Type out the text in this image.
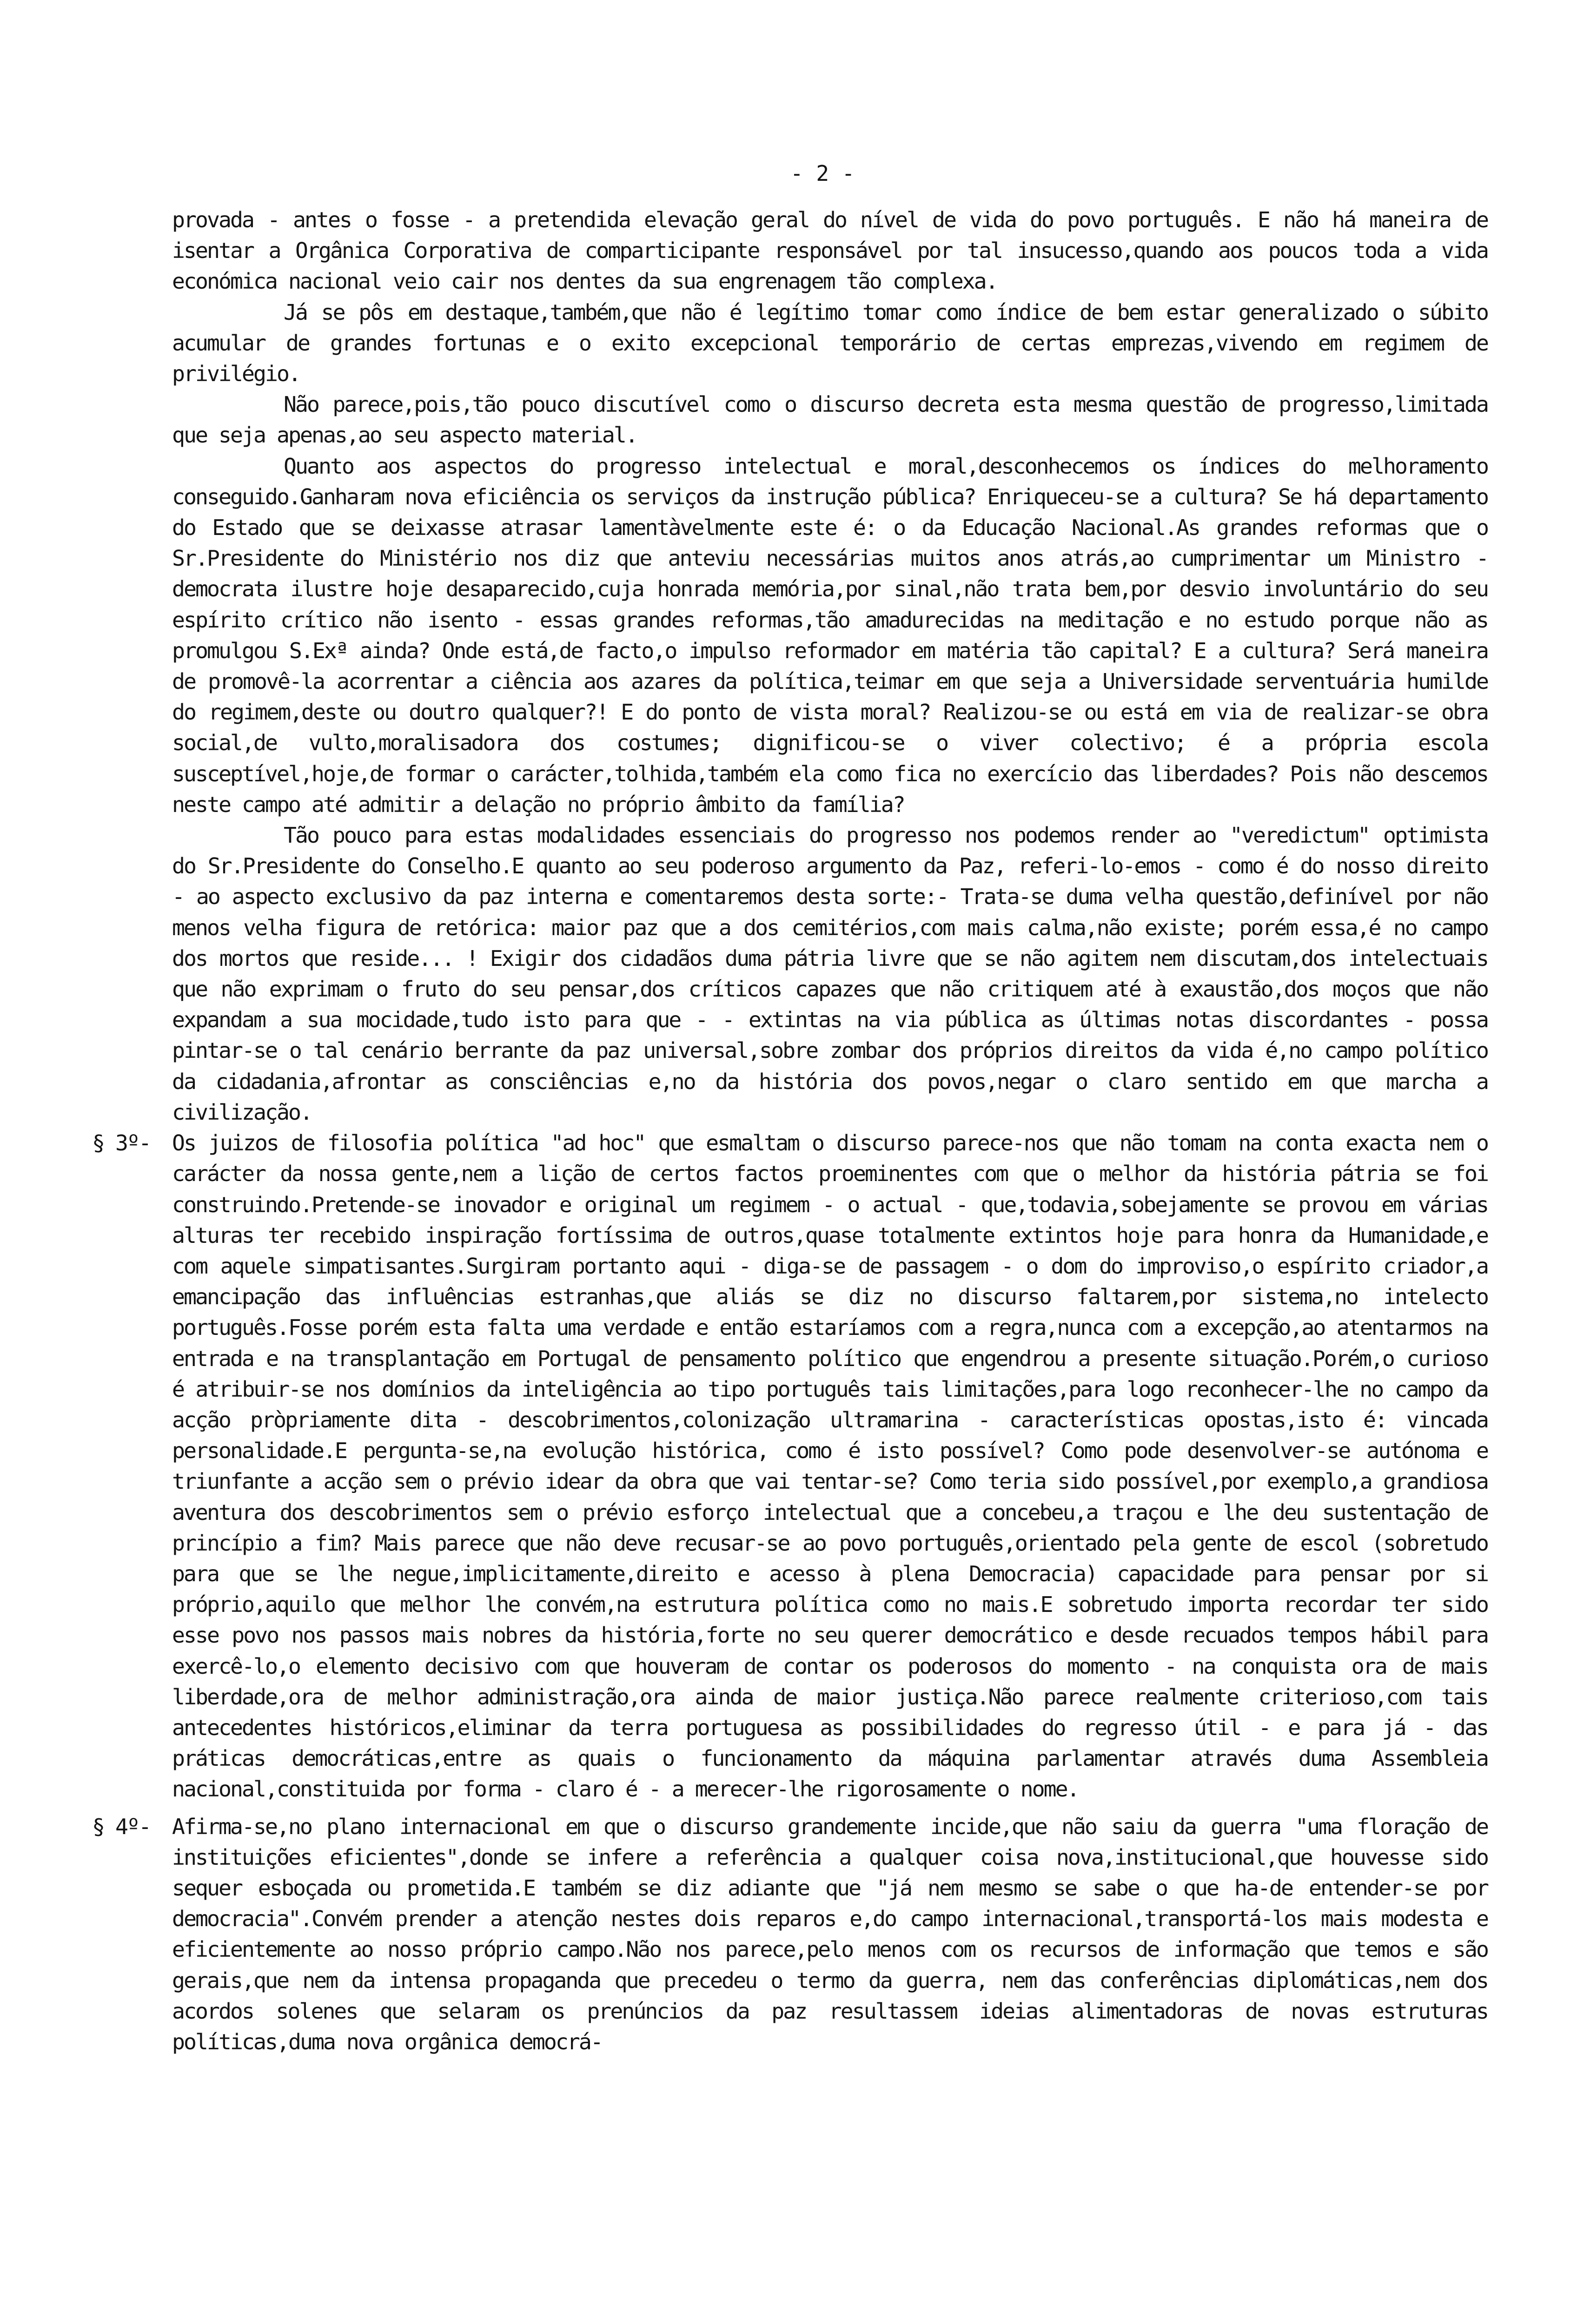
- 2 -

provada - antes o fosse - a pretendida elevação geral do nível de vida do povo português. E não há maneira de isentar a Orgânica Corporativa de comparticipante responsável por tal insucesso,quando aos poucos toda a vida económica nacional veio cair nos dentes da sua engrenagem tão complexa.

Já se pôs em destaque,também,que não é legítimo tomar como índice de bem estar generalizado o súbito acumular de grandes fortunas e o exito excepcional temporário de certas emprezas,vivendo em regimem de privilégio.

Não parece,pois,tão pouco discutível como o discurso decreta esta mesma questão de progresso,limitada que seja apenas,ao seu aspecto material.

Quanto aos aspectos do progresso intelectual e moral,desconhecemos os índices do melhoramento conseguido.Ganharam nova eficiência os serviços da instrução pública? Enriqueceu-se a cultura? Se há departamento do Estado que se deixasse atrasar lamentàvelmente este é: o da Educação Nacional.As grandes reformas que o Sr.Presidente do Ministério nos diz que anteviu necessárias muitos anos atrás,ao cumprimentar um Ministro - democrata ilustre hoje desaparecido,cuja honrada memória,por sinal,não trata bem,por desvio involuntário do seu espírito crítico não isento - essas grandes reformas,tão amadurecidas na meditação e no estudo porque não as promulgou S.Exª ainda? Onde está,de facto,o impulso reformador em matéria tão capital? E a cultura? Será maneira de promovê-la acorrentar a ciência aos azares da política,teimar em que seja a Universidade serventuária humilde do regimem,deste ou doutro qualquer?! E do ponto de vista moral? Realizou-se ou está em via de realizar-se obra social,de vulto,moralisadora dos costumes; dignificou-se o viver colectivo; é a própria escola susceptível,hoje,de formar o carácter,tolhida,também ela como fica no exercício das liberdades? Pois não descemos neste campo até admitir a delação no próprio âmbito da família?

Tão pouco para estas modalidades essenciais do progresso nos podemos render ao "veredictum" optimista do Sr.Presidente do Conselho.E quanto ao seu poderoso argumento da Paz, referi-lo-emos - como é do nosso direito - ao aspecto exclusivo da paz interna e comentaremos desta sorte:- Trata-se duma velha questão,definível por não menos velha figura de retórica: maior paz que a dos cemitérios,com mais calma,não existe; porém essa,é no campo dos mortos que reside... ! Exigir dos cidadãos duma pátria livre que se não agitem nem discutam,dos intelectuais que não exprimam o fruto do seu pensar,dos críticos capazes que não critiquem até à exaustão,dos moços que não expandam a sua mocidade,tudo isto para que - - extintas na via pública as últimas notas discordantes - possa pintar-se o tal cenário berrante da paz universal,sobre zombar dos próprios direitos da vida é,no campo político da cidadania,afrontar as consciências e,no da história dos povos,negar o claro sentido em que marcha a civilização.

§ 3º- Os juizos de filosofia política "ad hoc" que esmaltam o discurso parece-nos que não tomam na conta exacta nem o carácter da nossa gente,nem a lição de certos factos proeminentes com que o melhor da história pátria se foi construindo.Pretende-se inovador e original um regimem - o actual - que,todavia,sobejamente se provou em várias alturas ter recebido inspiração fortíssima de outros,quase totalmente extintos hoje para honra da Humanidade,e com aquele simpatisantes.Surgiram portanto aqui - diga-se de passagem - o dom do improviso,o espírito criador,a emancipação das influências estranhas,que aliás se diz no discurso faltarem,por sistema,no intelecto português.Fosse porém esta falta uma verdade e então estaríamos com a regra,nunca com a excepção,ao atentarmos na entrada e na transplantação em Portugal de pensamento político que engendrou a presente situação.Porém,o curioso é atribuir-se nos domínios da inteligência ao tipo português tais limitações,para logo reconhecer-lhe no campo da acção pròpriamente dita - descobrimentos,colonização ultramarina - características opostas,isto é: vincada personalidade.E pergunta-se,na evolução histórica, como é isto possível? Como pode desenvolver-se autónoma e triunfante a acção sem o prévio idear da obra que vai tentar-se? Como teria sido possível,por exemplo,a grandiosa aventura dos descobrimentos sem o prévio esforço intelectual que a concebeu,a traçou e lhe deu sustentação de princípio a fim? Mais parece que não deve recusar-se ao povo português,orientado pela gente de escol (sobretudo para que se lhe negue,implicitamente,direito e acesso à plena Democracia) capacidade para pensar por si próprio,aquilo que melhor lhe convém,na estrutura política como no mais.E sobretudo importa recordar ter sido esse povo nos passos mais nobres da história,forte no seu querer democrático e desde recuados tempos hábil para exercê-lo,o elemento decisivo com que houveram de contar os poderosos do momento - na conquista ora de mais liberdade,ora de melhor administração,ora ainda de maior justiça.Não parece realmente criterioso,com tais antecedentes históricos,eliminar da terra portuguesa as possibilidades do regresso útil - e para já - das práticas democráticas,entre as quais o funcionamento da máquina parlamentar através duma Assembleia nacional,constituida por forma - claro é - a merecer-lhe rigorosamente o nome.
§ 4º- Afirma-se,no plano internacional em que o discurso grandemente incide,que não saiu da guerra "uma floração de instituições eficientes",donde se infere a referência a qualquer coisa nova,institucional,que houvesse sido sequer esboçada ou prometida.E também se diz adiante que "já nem mesmo se sabe o que ha-de entender-se por democracia".Convém prender a atenção nestes dois reparos e,do campo internacional,transportá-los mais modesta e eficientemente ao nosso próprio campo.Não nos parece,pelo menos com os recursos de informação que temos e são gerais,que nem da intensa propaganda que precedeu o termo da guerra, nem das conferências diplomáticas,nem dos acordos solenes que selaram os prenúncios da paz resultassem ideias alimentadoras de novas estruturas políticas,duma nova orgânica democrá-
